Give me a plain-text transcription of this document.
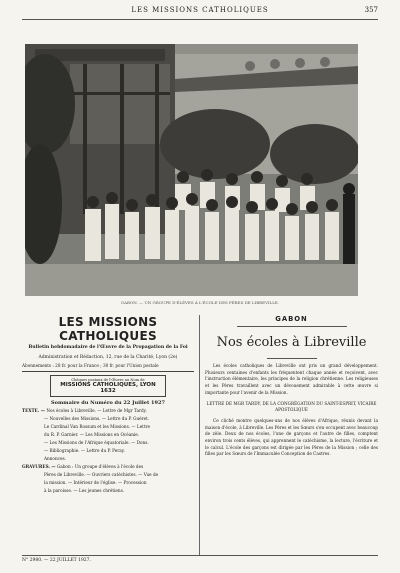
LES MISSIONS CATHOLIQUES	357
GABON. — UN GROUPE D'ÉLÈVES À L'ÉCOLE DES PÈRES DE LIBREVILLE.
LES MISSIONS CATHOLIQUES
Bulletin hebdomadaire de l'Œuvre de la Propagation de la Foi
Administration et Rédaction, 12, rue de la Charité, Lyon (2e)
Abonnements : 28 fr. pour la France ; 30 fr. pour l'Union postale
Chèques postaux de l'Œuvre au Nom de
MISSIONS CATHOLIQUES, LYON 1632
Sommaire du Numéro du 22 Juillet 1927
TEXTE. — Nos écoles à Libreville. — Lettre de Mgr Tardy.
— Nouvelles des Missions. — Lettre du P. Guéret.
Le Cardinal Van Rossum et les Missions. — Lettre
du R. P. Garnier. — Les Missions en Océanie.
— Les Missions de l'Afrique équatoriale. — Dons.
— Bibliographie. — Lettre du P. Peray.
Annonces.
GRAVURES. — Gabon : Un groupe d'élèves à l'école des
Pères de Libreville. — Ouvriers catéchistes. — Vue de
la mission. — Intérieur de l'église. — Procession
à la paroisse. — Les jeunes chrétiens.
GABON
Nos écoles à Libreville
Les écoles catholiques de Libreville ont pris un grand développement. Plusieurs centaines d'enfants les fréquentent chaque année et reçoivent, avec l'instruction élémentaire, les principes de la religion chrétienne. Les religieuses et les Pères travaillent avec un dévouement admirable à cette œuvre si importante pour l'avenir de la Mission.
LETTRE DE MGR TARDY, DE LA CONGRÉGATION DU SAINT-ESPRIT, VICAIRE APOSTOLIQUE
Ce cliché montre quelques-uns de nos élèves d'Afrique, réunis devant la maison d'école, à Libreville. Les Pères et les Sœurs s'en occupent avec beaucoup de zèle. Deux de nos écoles, l'une de garçons et l'autre de filles, comptent environ trois cents élèves, qui apprennent le catéchisme, la lecture, l'écriture et le calcul. L'école des garçons est dirigée par les Pères de la Mission ; celle des filles par les Sœurs de l'Immaculée Conception de Castres.
N° 2980. — 22 JUILLET 1927.
